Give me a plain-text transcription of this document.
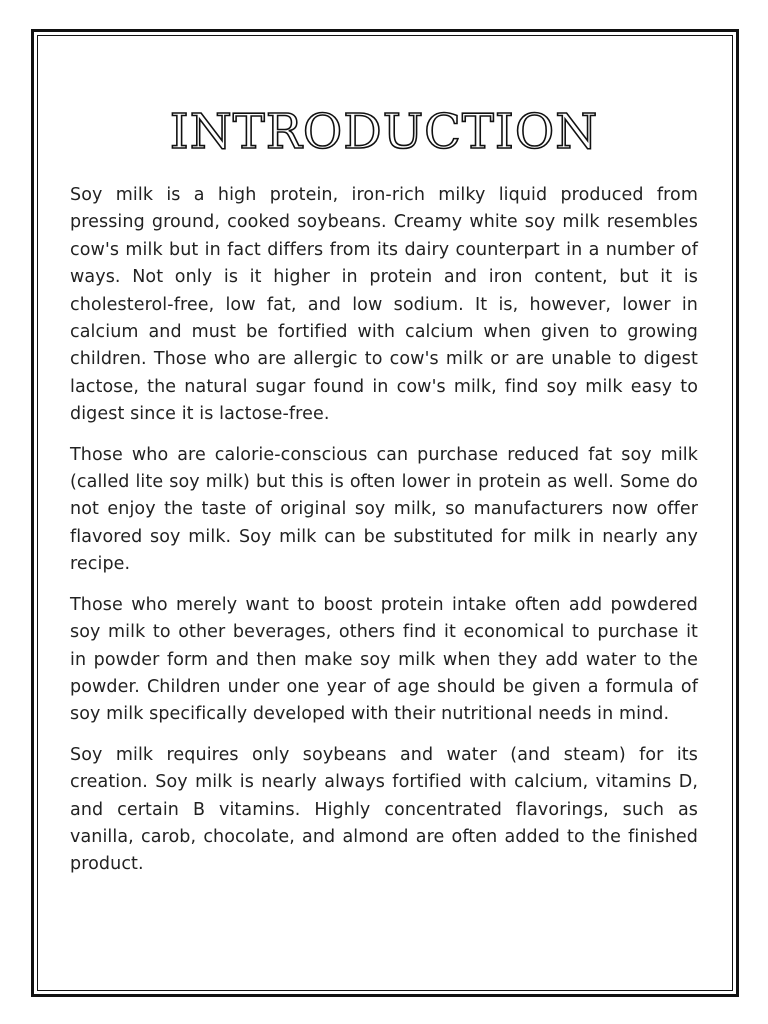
INTRODUCTION

Soy milk is a high protein, iron-rich milky liquid produced from pressing ground, cooked soybeans. Creamy white soy milk resembles cow's milk but in fact differs from its dairy counterpart in a number of ways. Not only is it higher in protein and iron content, but it is cholesterol-free, low fat, and low sodium. It is, however, lower in calcium and must be fortified with calcium when given to growing children. Those who are allergic to cow's milk or are unable to digest lactose, the natural sugar found in cow's milk, find soy milk easy to digest since it is lactose-free.

Those who are calorie-conscious can purchase reduced fat soy milk (called lite soy milk) but this is often lower in protein as well. Some do not enjoy the taste of original soy milk, so manufacturers now offer flavored soy milk. Soy milk can be substituted for milk in nearly any recipe.

Those who merely want to boost protein intake often add powdered soy milk to other beverages, others find it economical to purchase it in powder form and then make soy milk when they add water to the powder. Children under one year of age should be given a formula of soy milk specifically developed with their nutritional needs in mind.

Soy milk requires only soybeans and water (and steam) for its creation. Soy milk is nearly always fortified with calcium, vitamins D, and certain B vitamins. Highly concentrated flavorings, such as vanilla, carob, chocolate, and almond are often added to the finished product.
